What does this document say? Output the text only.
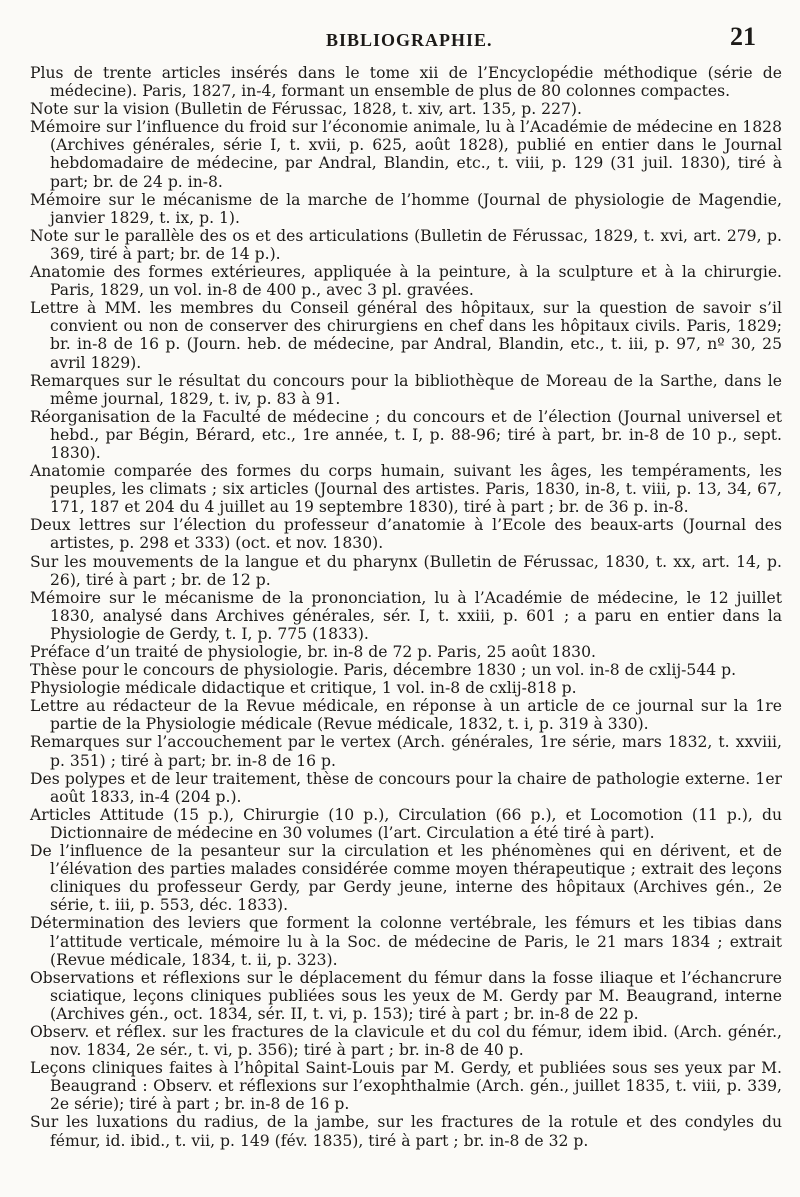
BIBLIOGRAPHIE.	21

Plus de trente articles insérés dans le tome xii de l’Encyclopédie méthodique (série de médecine). Paris, 1827, in-4, formant un ensemble de plus de 80 colonnes compactes.

Note sur la vision (Bulletin de Férussac, 1828, t. xiv, art. 135, p. 227).

Mémoire sur l’influence du froid sur l’économie animale, lu à l’Académie de médecine en 1828 (Archives générales, série I, t. xvii, p. 625, août 1828), publié en entier dans le Journal hebdomadaire de médecine, par Andral, Blandin, etc., t. viii, p. 129 (31 juil. 1830), tiré à part; br. de 24 p. in-8.

Mémoire sur le mécanisme de la marche de l’homme (Journal de physiologie de Magendie, janvier 1829, t. ix, p. 1).

Note sur le parallèle des os et des articulations (Bulletin de Férussac, 1829, t. xvi, art. 279, p. 369, tiré à part; br. de 14 p.).

Anatomie des formes extérieures, appliquée à la peinture, à la sculpture et à la chirurgie. Paris, 1829, un vol. in-8 de 400 p., avec 3 pl. gravées.

Lettre à MM. les membres du Conseil général des hôpitaux, sur la question de savoir s’il convient ou non de conserver des chirurgiens en chef dans les hôpitaux civils. Paris, 1829; br. in-8 de 16 p. (Journ. heb. de médecine, par Andral, Blandin, etc., t. iii, p. 97, nº 30, 25 avril 1829).

Remarques sur le résultat du concours pour la bibliothèque de Moreau de la Sarthe, dans le même journal, 1829, t. iv, p. 83 à 91.

Réorganisation de la Faculté de médecine ; du concours et de l’élection (Journal universel et hebd., par Bégin, Bérard, etc., 1re année, t. I, p. 88-96; tiré à part, br. in-8 de 10 p., sept. 1830).

Anatomie comparée des formes du corps humain, suivant les âges, les tempéraments, les peuples, les climats ; six articles (Journal des artistes. Paris, 1830, in-8, t. viii, p. 13, 34, 67, 171, 187 et 204 du 4 juillet au 19 septembre 1830), tiré à part ; br. de 36 p. in-8.

Deux lettres sur l’élection du professeur d’anatomie à l’Ecole des beaux-arts (Journal des artistes, p. 298 et 333) (oct. et nov. 1830).

Sur les mouvements de la langue et du pharynx (Bulletin de Férussac, 1830, t. xx, art. 14, p. 26), tiré à part ; br. de 12 p.

Mémoire sur le mécanisme de la prononciation, lu à l’Académie de médecine, le 12 juillet 1830, analysé dans Archives générales, sér. I, t. xxiii, p. 601 ; a paru en entier dans la Physiologie de Gerdy, t. I, p. 775 (1833).

Préface d’un traité de physiologie, br. in-8 de 72 p. Paris, 25 août 1830.

Thèse pour le concours de physiologie. Paris, décembre 1830 ; un vol. in-8 de cxlij-544 p.

Physiologie médicale didactique et critique, 1 vol. in-8 de cxlij-818 p.

Lettre au rédacteur de la Revue médicale, en réponse à un article de ce journal sur la 1re partie de la Physiologie médicale (Revue médicale, 1832, t. i, p. 319 à 330).

Remarques sur l’accouchement par le vertex (Arch. générales, 1re série, mars 1832, t. xxviii, p. 351) ; tiré à part; br. in-8 de 16 p.

Des polypes et de leur traitement, thèse de concours pour la chaire de pathologie externe. 1er août 1833, in-4 (204 p.).

Articles Attitude (15 p.), Chirurgie (10 p.), Circulation (66 p.), et Locomotion (11 p.), du Dictionnaire de médecine en 30 volumes (l’art. Circulation a été tiré à part).

De l’influence de la pesanteur sur la circulation et les phénomènes qui en dérivent, et de l’élévation des parties malades considérée comme moyen thérapeutique ; extrait des leçons cliniques du professeur Gerdy, par Gerdy jeune, interne des hôpitaux (Archives gén., 2e série, t. iii, p. 553, déc. 1833).

Détermination des leviers que forment la colonne vertébrale, les fémurs et les tibias dans l’attitude verticale, mémoire lu à la Soc. de médecine de Paris, le 21 mars 1834 ; extrait (Revue médicale, 1834, t. ii, p. 323).

Observations et réflexions sur le déplacement du fémur dans la fosse iliaque et l’échancrure sciatique, leçons cliniques publiées sous les yeux de M. Gerdy par M. Beaugrand, interne (Archives gén., oct. 1834, sér. II, t. vi, p. 153); tiré à part ; br. in-8 de 22 p.

Observ. et réflex. sur les fractures de la clavicule et du col du fémur, idem ibid. (Arch. génér., nov. 1834, 2e sér., t. vi, p. 356); tiré à part ; br. in-8 de 40 p.

Leçons cliniques faites à l’hôpital Saint-Louis par M. Gerdy, et publiées sous ses yeux par M. Beaugrand : Observ. et réflexions sur l’exophthalmie (Arch. gén., juillet 1835, t. viii, p. 339, 2e série); tiré à part ; br. in-8 de 16 p.

Sur les luxations du radius, de la jambe, sur les fractures de la rotule et des condyles du fémur, id. ibid., t. vii, p. 149 (fév. 1835), tiré à part ; br. in-8 de 32 p.
